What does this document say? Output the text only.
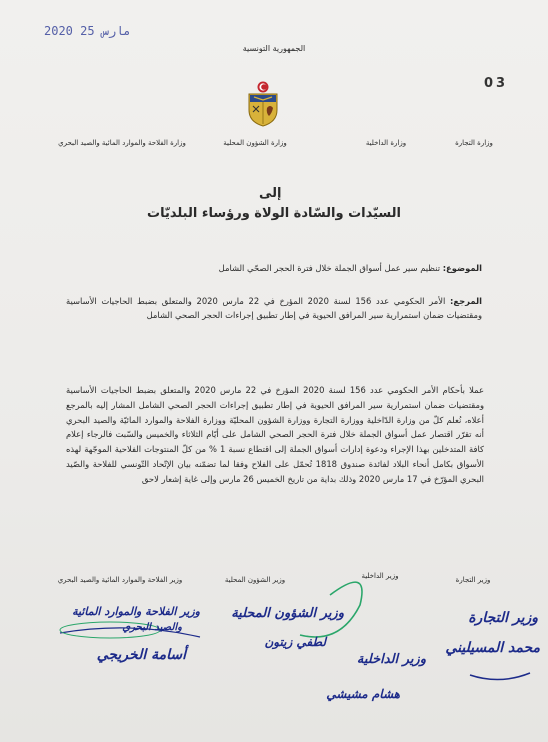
2020 مارس 25
03
الجمهورية التونسية
وزارة التجارة
وزارة الداخلية
وزارة الشؤون المحلية
وزارة الفلاحة والموارد المائية والصيد البحري
إلى
السيّدات والسّادة الولاة ورؤساء البلديّات
الموضوع: تنظيم سير عمل أسواق الجملة خلال فترة الحجر الصحّي الشامل
المرجع: الأمر الحكومي عدد 156 لسنة 2020 المؤرخ في 22 مارس 2020 والمتعلق بضبط الحاجيات الأساسية ومقتضيات ضمان استمرارية سير المرافق الحيوية في إطار تطبيق إجراءات الحجر الصحي الشامل
عملا بأحكام الأمر الحكومي عدد 156 لسنة 2020 المؤرخ في 22 مارس 2020 والمتعلق بضبط الحاجيات الأساسية ومقتضيات ضمان استمرارية سير المرافق الحيوية في إطار تطبيق إجراءات الحجر الصحي الشامل المشار إليه بالمرجع أعلاه، نُعلم كلّ من وزارة الدّاخلية ووزارة التجارة ووزارة الشؤون المحليّة ووزارة الفلاحة والموارد المائيّة والصيد البحري أنه تقرّر اقتصار عمل أسواق الجملة خلال فترة الحجر الصحي الشامل على أيّام الثلاثاء والخميس والسّبت فالرجاء إعلام كافة المتدخلين بهذا الإجراء ودعوة إدارات أسواق الجملة إلى اقتطاع نسبة 1 % من كلّ المنتوجات الفلاحية الموجّهة لهذه الأسواق بكامل أنحاء البلاد لفائدة صندوق 1818 تُحمّل على الفلاح وفقا لما تضمّنه بيان الإتّحاد التّونسي للفلاحة والصّيد البحري المؤرّخ في 17 مارس 2020 وذلك بداية من تاريخ الخميس 26 مارس وإلى غاية إشعار لاحق
وزير التجارة
وزير الداخلية
وزير الشؤون المحلية
وزير الفلاحة والموارد المائية والصيد البحري
وزير التجارة
محمد المسيليني
وزير الداخلية
هشام مشيشي
وزير الشؤون المحلية
لطفي زيتون
وزير الفلاحة والموارد المائية
والصيد البحري
أسامة الخريجي
